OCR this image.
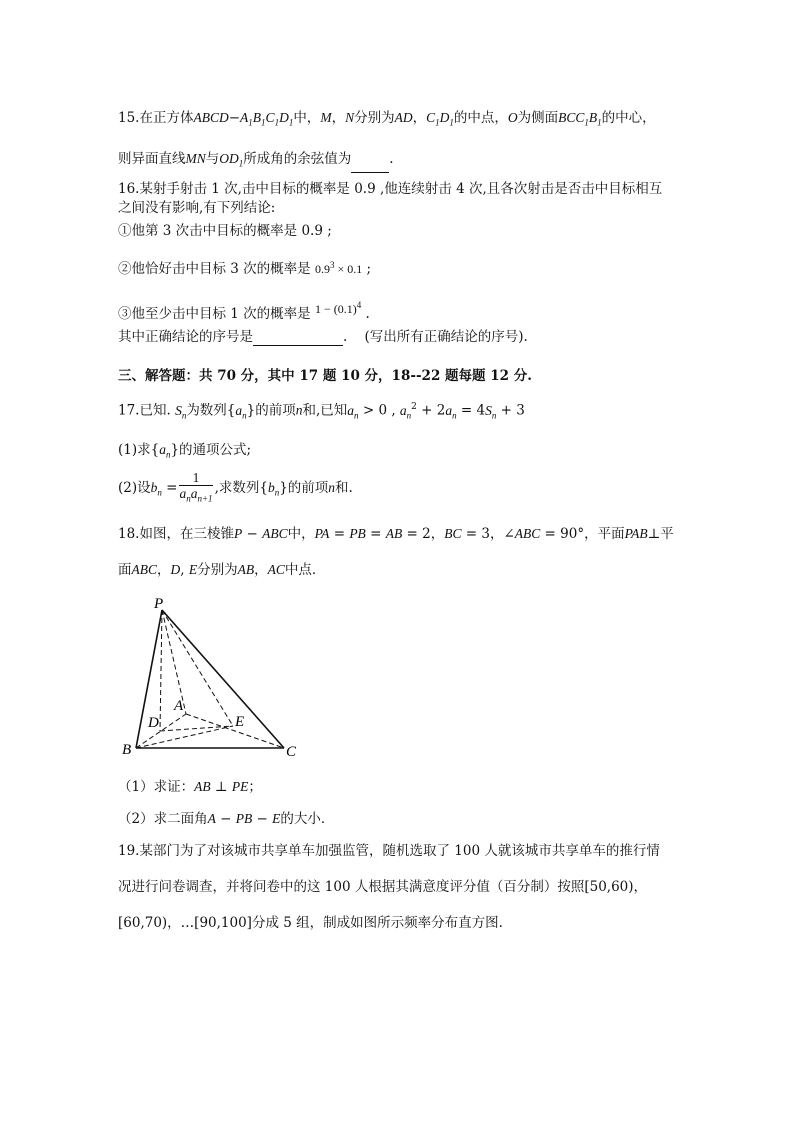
15.在正方体$ABCD-A_1B_1C_1D_1$中，M，N分别为AD，$C_1D_1$的中点，O为侧面$BCC_1B_1$的中心，
则异面直线MN与$OD_1$所成角的余弦值为	.
16.某射手射击 1 次,击中目标的概率是 0.9 ,他连续射击 4 次,且各次射击是否击中目标相互
之间没有影响,有下列结论:
①他第 3 次击中目标的概率是 0.9 ;
②他恰好击中目标 3 次的概率是 $0.9^3 \times 0.1$ ;
③他至少击中目标 1 次的概率是 $1 - (0.1)^4$ .
其中正确结论的序号是	.    (写出所有正确结论的序号).
三、解答题：共 70 分，其中 17 题 10 分，18--22 题每题 12 分.
17.已知. $S_n$为数列$\{a_n\}$的前项n和,已知$a_n > 0$ , $a_n^2 + 2a_n = 4S_n + 3$
(1)求$\{a_n\}$的通项公式;
(2)设$b_n = \frac{1}{a_na_{n+1}}$ ,求数列$\{b_n\}$的前项n和.
18.如图，在三棱锥P − ABC中，PA = PB = AB = 2，BC = 3，∠ABC = 90°，平面PAB⊥平
面ABC，D, E分别为AB，AC中点．
P
A
D	E
B	C
（1）求证：AB ⊥ PE；
（2）求二面角A − PB − E的大小．
19.某部门为了对该城市共享单车加强监管，随机选取了 100 人就该城市共享单车的推行情
况进行问卷调查，并将问卷中的这 100 人根据其满意度评分值（百分制）按照[50,60)，
[60,70)，…[90,100]分成 5 组，制成如图所示频率分布直方图.
